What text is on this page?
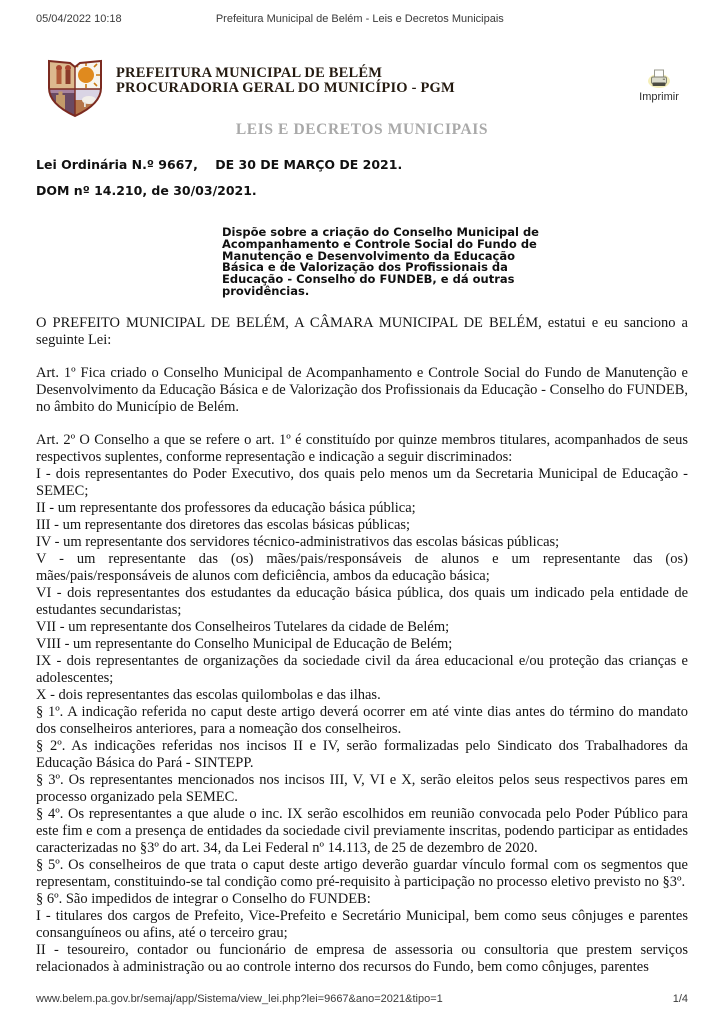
05/04/2022 10:18	Prefeitura Municipal de Belém - Leis e Decretos Municipais
PREFEITURA MUNICIPAL DE BELÉM
PROCURADORIA GERAL DO MUNICÍPIO - PGM
Imprimir
LEIS E DECRETOS MUNICIPAIS
Lei Ordinária N.º 9667,    DE 30 DE MARÇO DE 2021.
DOM nº 14.210, de 30/03/2021.
Dispõe sobre a criação do Conselho Municipal de Acompanhamento e Controle Social do Fundo de Manutenção e Desenvolvimento da Educação Básica e de Valorização dos Profissionais da Educação - Conselho do FUNDEB, e dá outras providências.

O PREFEITO MUNICIPAL DE BELÉM, A CÂMARA MUNICIPAL DE BELÉM, estatui e eu sanciono a seguinte Lei:

Art. 1º Fica criado o Conselho Municipal de Acompanhamento e Controle Social do Fundo de Manutenção e Desenvolvimento da Educação Básica e de Valorização dos Profissionais da Educação - Conselho do FUNDEB, no âmbito do Município de Belém.

Art. 2º O Conselho a que se refere o art. 1º é constituído por quinze membros titulares, acompanhados de seus respectivos suplentes, conforme representação e indicação a seguir discriminados:

I - dois representantes do Poder Executivo, dos quais pelo menos um da Secretaria Municipal de Educação - SEMEC;

II - um representante dos professores da educação básica pública;

III - um representante dos diretores das escolas básicas públicas;

IV - um representante dos servidores técnico-administrativos das escolas básicas públicas;

V - um representante das (os) mães/pais/responsáveis de alunos e um representante das (os) mães/pais/responsáveis de alunos com deficiência, ambos da educação básica;

VI - dois representantes dos estudantes da educação básica pública, dos quais um indicado pela entidade de estudantes secundaristas;

VII - um representante dos Conselheiros Tutelares da cidade de Belém;

VIII - um representante do Conselho Municipal de Educação de Belém;

IX - dois representantes de organizações da sociedade civil da área educacional e/ou proteção das crianças e adolescentes;

X - dois representantes das escolas quilombolas e das ilhas.

§ 1º. A indicação referida no caput deste artigo deverá ocorrer em até vinte dias antes do término do mandato dos conselheiros anteriores, para a nomeação dos conselheiros.

§ 2º. As indicações referidas nos incisos II e IV, serão formalizadas pelo Sindicato dos Trabalhadores da Educação Básica do Pará - SINTEPP.

§ 3º. Os representantes mencionados nos incisos III, V, VI e X, serão eleitos pelos seus respectivos pares em processo organizado pela SEMEC.

§ 4º. Os representantes a que alude o inc. IX serão escolhidos em reunião convocada pelo Poder Público para este fim e com a presença de entidades da sociedade civil previamente inscritas, podendo participar as entidades caracterizadas no §3º do art. 34, da Lei Federal nº 14.113, de 25 de dezembro de 2020.

§ 5º. Os conselheiros de que trata o caput deste artigo deverão guardar vínculo formal com os segmentos que representam, constituindo-se tal condição como pré-requisito à participação no processo eletivo previsto no §3º.

§ 6º. São impedidos de integrar o Conselho do FUNDEB:

I - titulares dos cargos de Prefeito, Vice-Prefeito e Secretário Municipal, bem como seus cônjuges e parentes consanguíneos ou afins, até o terceiro grau;

II - tesoureiro, contador ou funcionário de empresa de assessoria ou consultoria que prestem serviços relacionados à administração ou ao controle interno dos recursos do Fundo, bem como cônjuges, parentes

www.belem.pa.gov.br/semaj/app/Sistema/view_lei.php?lei=9667&ano=2021&tipo=1	1/4
